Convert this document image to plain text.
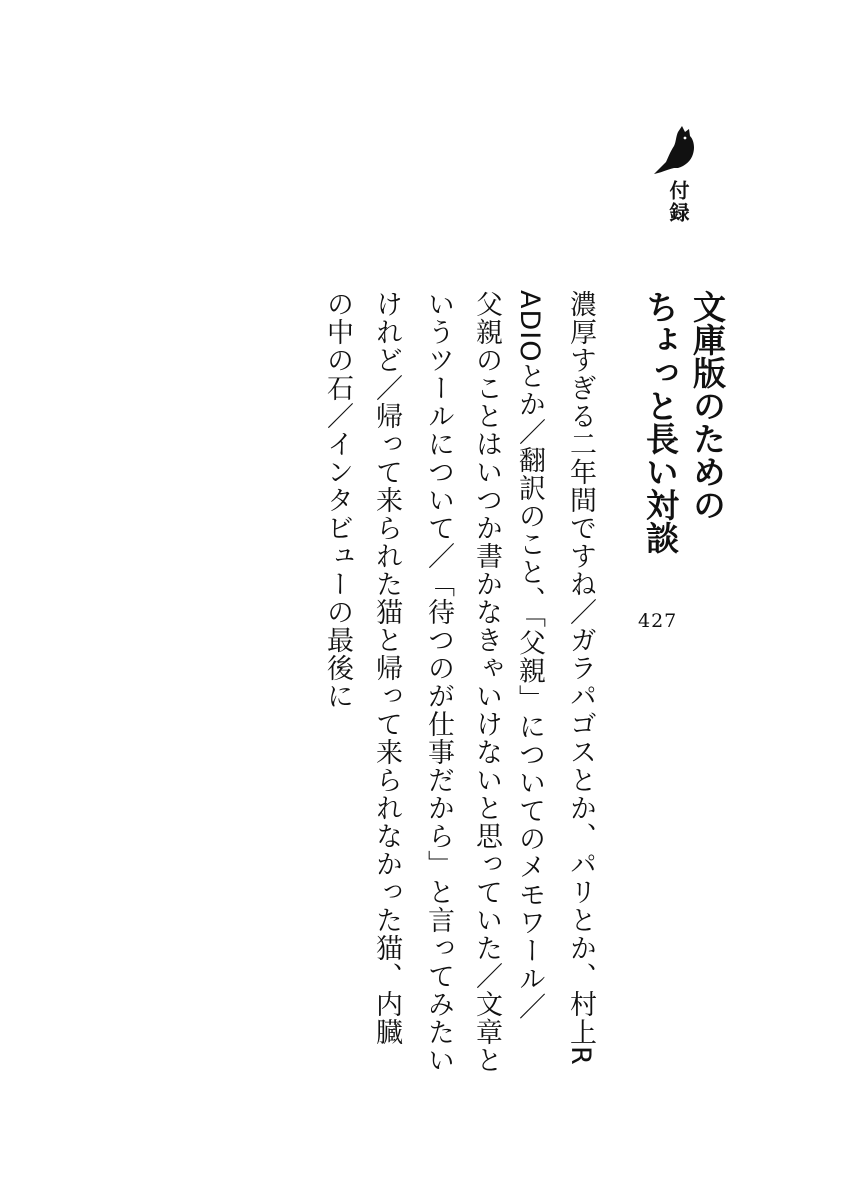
付録
文庫版のための
ちょっと長い対談
427
濃厚すぎる二年間ですね／ガラパゴスとか、パリとか、村上R
ADIOとか／翻訳のこと、「父親」についてのメモワール／
父親のことはいつか書かなきゃいけないと思っていた／文章と
いうツールについて／「待つのが仕事だから」と言ってみたい
けれど／帰って来られた猫と帰って来られなかった猫、内臓
の中の石／インタビューの最後に
